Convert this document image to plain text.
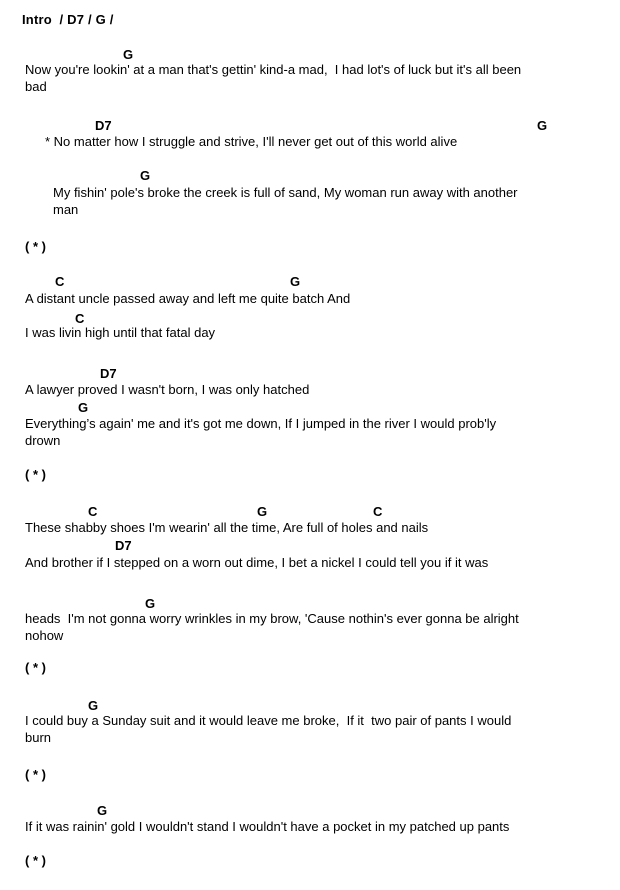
Intro  / D7 / G /
G
Now you're lookin' at a man that's gettin' kind-a mad,  I had lot's of luck but it's all been
bad
D7	G
* No matter how I struggle and strive, I'll never get out of this world alive
G
My fishin' pole's broke the creek is full of sand, My woman run away with another
man
( * )
C	G
A distant uncle passed away and left me quite batch And
C
I was livin high until that fatal day
D7
A lawyer proved I wasn't born, I was only hatched
G
Everything’s again' me and it's got me down, If I jumped in the river I would prob'ly
drown
( * )
C	G	C
These shabby shoes I'm wearin' all the time, Are full of holes and nails
D7
And brother if I stepped on a worn out dime, I bet a nickel I could tell you if it was
G
heads  I'm not gonna worry wrinkles in my brow, 'Cause nothin's ever gonna be alright
nohow
( * )
G
I could buy a Sunday suit and it would leave me broke,  If it  two pair of pants I would
burn
( * )
G
If it was rainin' gold I wouldn't stand I wouldn't have a pocket in my patched up pants
( * )
